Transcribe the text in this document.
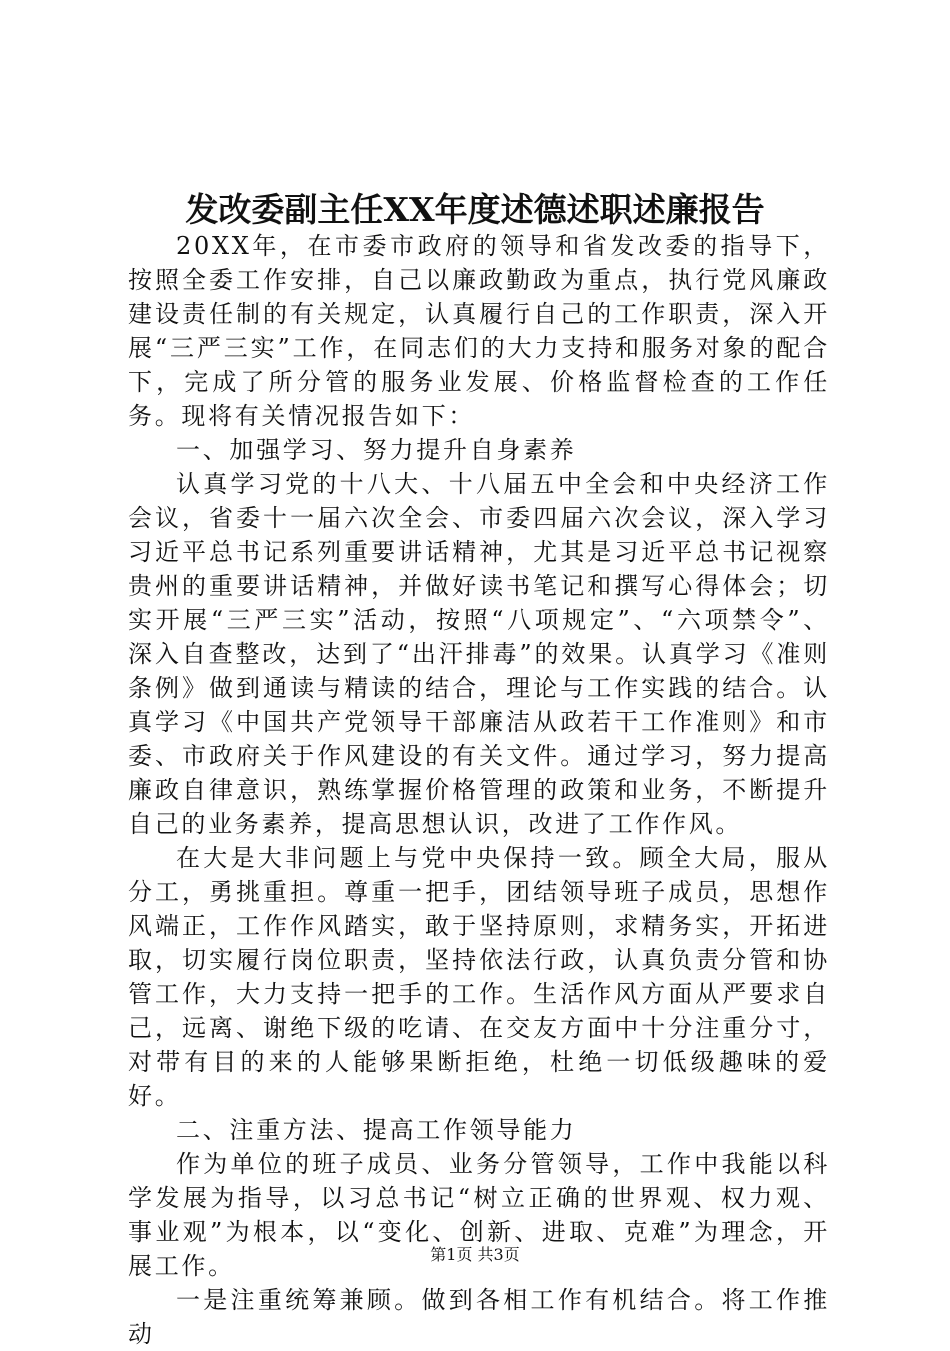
发改委副主任XX年度述德述职述廉报告

20XX年，在市委市政府的领导和省发改委的指导下，按照全委工作安排，自己以廉政勤政为重点，执行党风廉政建设责任制的有关规定，认真履行自己的工作职责，深入开展“三严三实”工作，在同志们的大力支持和服务对象的配合下，完成了所分管的服务业发展、价格监督检查的工作任务。现将有关情况报告如下：

一、加强学习、努力提升自身素养

认真学习党的十八大、十八届五中全会和中央经济工作会议，省委十一届六次全会、市委四届六次会议，深入学习习近平总书记系列重要讲话精神，尤其是习近平总书记视察贵州的重要讲话精神，并做好读书笔记和撰写心得体会；切实开展“三严三实”活动，按照“八项规定”、“六项禁令”、深入自查整改，达到了“出汗排毒”的效果。认真学习《准则条例》做到通读与精读的结合，理论与工作实践的结合。认真学习《中国共产党领导干部廉洁从政若干工作准则》和市委、市政府关于作风建设的有关文件。通过学习，努力提高廉政自律意识，熟练掌握价格管理的政策和业务，不断提升自己的业务素养，提高思想认识，改进了工作作风。

在大是大非问题上与党中央保持一致。顾全大局，服从分工，勇挑重担。尊重一把手，团结领导班子成员，思想作风端正，工作作风踏实，敢于坚持原则，求精务实，开拓进取，切实履行岗位职责，坚持依法行政，认真负责分管和协管工作，大力支持一把手的工作。生活作风方面从严要求自己，远离、谢绝下级的吃请、在交友方面中十分注重分寸，对带有目的来的人能够果断拒绝，杜绝一切低级趣味的爱好。

二、注重方法、提高工作领导能力

作为单位的班子成员、业务分管领导，工作中我能以科学发展为指导，以习总书记“树立正确的世界观、权力观、事业观”为根本，以“变化、创新、进取、克难”为理念，开展工作。

一是注重统筹兼顾。做到各相工作有机结合。将工作推动

第1页 共3页
